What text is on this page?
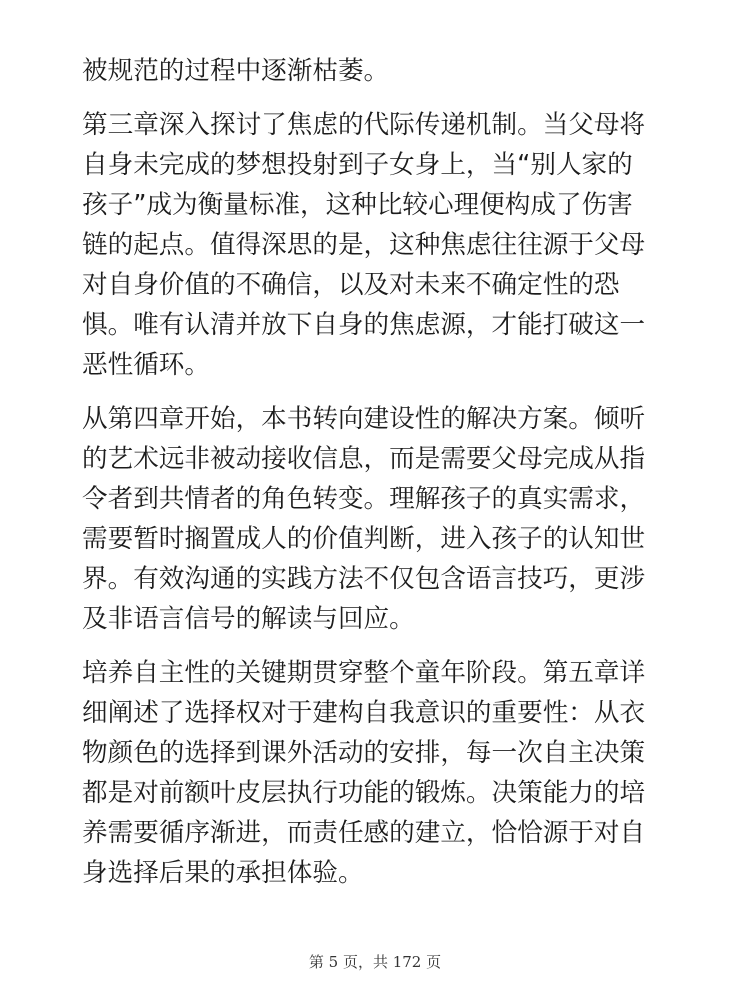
被规范的过程中逐渐枯萎。

第三章深入探讨了焦虑的代际传递机制。当父母将
自身未完成的梦想投射到子女身上，当“别人家的
孩子”成为衡量标准，这种比较心理便构成了伤害
链的起点。值得深思的是，这种焦虑往往源于父母
对自身价值的不确信，以及对未来不确定性的恐
惧。唯有认清并放下自身的焦虑源，才能打破这一
恶性循环。

从第四章开始，本书转向建设性的解决方案。倾听
的艺术远非被动接收信息，而是需要父母完成从指
令者到共情者的角色转变。理解孩子的真实需求，
需要暂时搁置成人的价值判断，进入孩子的认知世
界。有效沟通的实践方法不仅包含语言技巧，更涉
及非语言信号的解读与回应。

培养自主性的关键期贯穿整个童年阶段。第五章详
细阐述了选择权对于建构自我意识的重要性：从衣
物颜色的选择到课外活动的安排，每一次自主决策
都是对前额叶皮层执行功能的锻炼。决策能力的培
养需要循序渐进，而责任感的建立，恰恰源于对自
身选择后果的承担体验。

第 5 页，共 172 页
